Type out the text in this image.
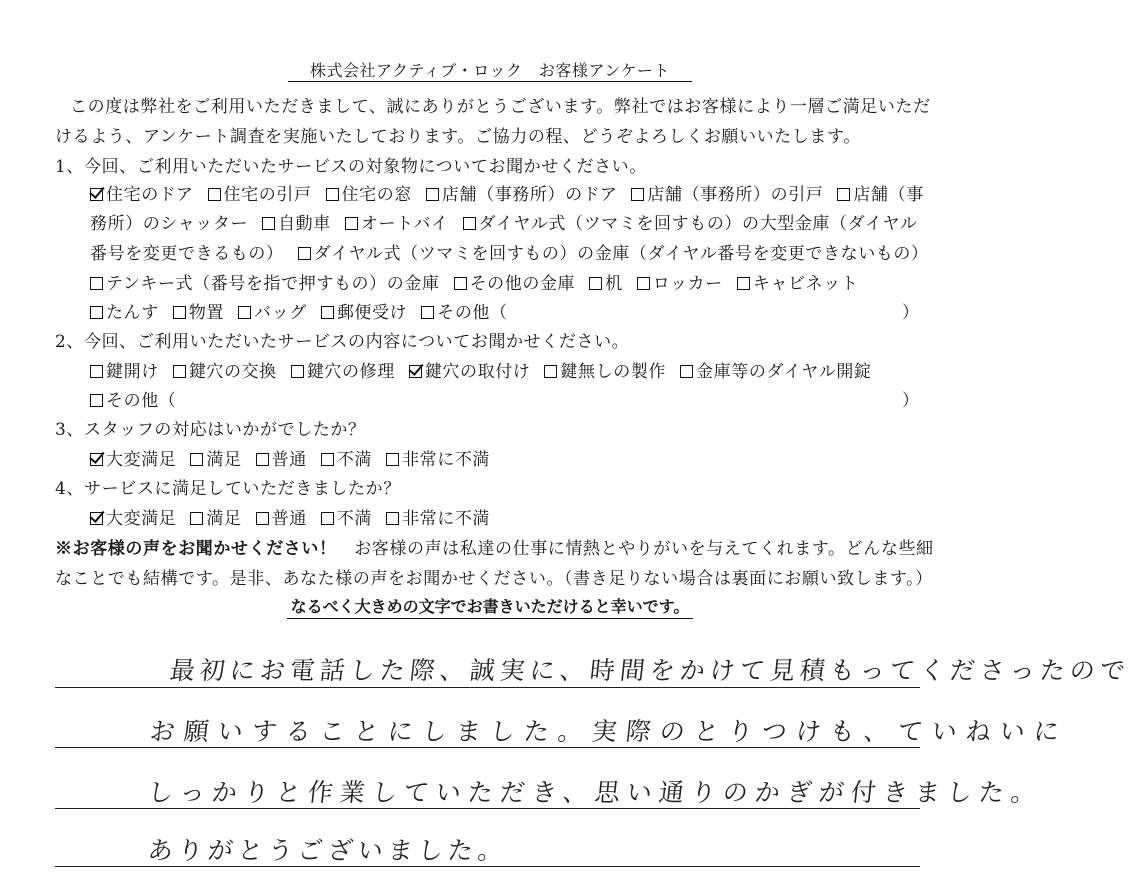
株式会社アクティブ・ロック　お客様アンケート
この度は弊社をご利用いただきまして、誠にありがとうございます。弊社ではお客様により一層ご満足いただ
けるよう、アンケート調査を実施いたしております。ご協力の程、どうぞよろしくお願いいたします。
1、今回、ご利用いただいたサービスの対象物についてお聞かせください。
住宅のドア 住宅の引戸 住宅の窓 店舗（事務所）のドア 店舗（事務所）の引戸 店舗（事
務所）のシャッター 自動車 オートバイ ダイヤル式（ツマミを回すもの）の大型金庫（ダイヤル
番号を変更できるもの） ダイヤル式（ツマミを回すもの）の金庫（ダイヤル番号を変更できないもの）
テンキー式（番号を指で押すもの）の金庫 その他の金庫 机 ロッカー キャビネット
たんす 物置 バッグ 郵便受け その他（	）
2、今回、ご利用いただいたサービスの内容についてお聞かせください。
鍵開け 鍵穴の交換 鍵穴の修理 鍵穴の取付け 鍵無しの製作 金庫等のダイヤル開錠
その他（	）
3、スタッフの対応はいかがでしたか？
大変満足 満足 普通 不満 非常に不満
4、サービスに満足していただきましたか？
大変満足 満足 普通 不満 非常に不満
※お客様の声をお聞かせください！　お客様の声は私達の仕事に情熱とやりがいを与えてくれます。どんな些細
なことでも結構です。是非、あなた様の声をお聞かせください。（書き足りない場合は裏面にお願い致します。）
なるべく大きめの文字でお書きいただけると幸いです。
最初にお電話した際、誠実に、時間をかけて見積もってくださったので
お願いすることにしました。実際のとりつけも、ていねいに
しっかりと作業していただき、思い通りのかぎが付きました。
ありがとうございました。
